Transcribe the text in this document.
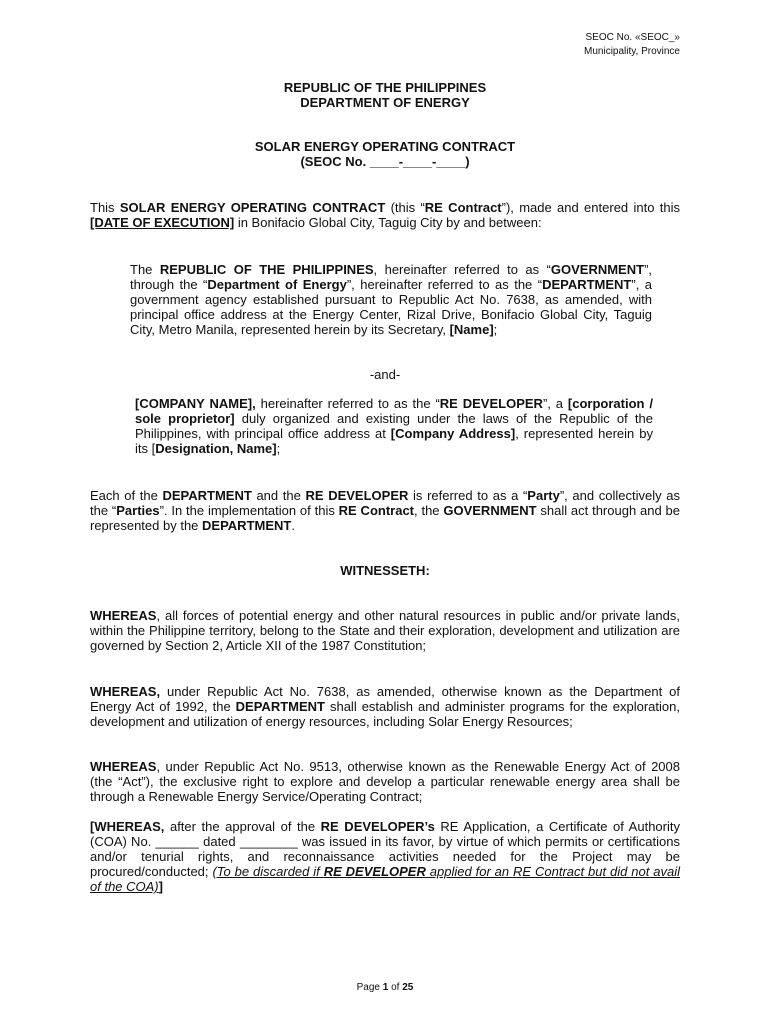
SEOC No. «SEOC_»
Municipality, Province
REPUBLIC OF THE PHILIPPINES
DEPARTMENT OF ENERGY
SOLAR ENERGY OPERATING CONTRACT
(SEOC No. ____-____-____)
This SOLAR ENERGY OPERATING CONTRACT (this “RE Contract”), made and entered into this [DATE OF EXECUTION] in Bonifacio Global City, Taguig City by and between:
The REPUBLIC OF THE PHILIPPINES, hereinafter referred to as “GOVERNMENT”, through the “Department of Energy”, hereinafter referred to as the “DEPARTMENT”, a government agency established pursuant to Republic Act No. 7638, as amended, with principal office address at the Energy Center, Rizal Drive, Bonifacio Global City, Taguig City, Metro Manila, represented herein by its Secretary, [Name];
-and-
[COMPANY NAME], hereinafter referred to as the “RE DEVELOPER”, a [corporation / sole proprietor] duly organized and existing under the laws of the Republic of the Philippines, with principal office address at [Company Address], represented herein by its [Designation, Name];
Each of the DEPARTMENT and the RE DEVELOPER is referred to as a “Party”, and collectively as the “Parties”. In the implementation of this RE Contract, the GOVERNMENT shall act through and be represented by the DEPARTMENT.
WITNESSETH:
WHEREAS, all forces of potential energy and other natural resources in public and/or private lands, within the Philippine territory, belong to the State and their exploration, development and utilization are governed by Section 2, Article XII of the 1987 Constitution;
WHEREAS, under Republic Act No. 7638, as amended, otherwise known as the Department of Energy Act of 1992, the DEPARTMENT shall establish and administer programs for the exploration, development and utilization of energy resources, including Solar Energy Resources;
WHEREAS, under Republic Act No. 9513, otherwise known as the Renewable Energy Act of 2008 (the “Act”), the exclusive right to explore and develop a particular renewable energy area shall be through a Renewable Energy Service/Operating Contract;
[WHEREAS, after the approval of the RE DEVELOPER’s RE Application, a Certificate of Authority (COA) No. ______ dated ________ was issued in its favor, by virtue of which permits or certifications and/or tenurial rights, and reconnaissance activities needed for the Project may be procured/conducted; (To be discarded if RE DEVELOPER applied for an RE Contract but did not avail of the COA)]
Page 1 of 25
